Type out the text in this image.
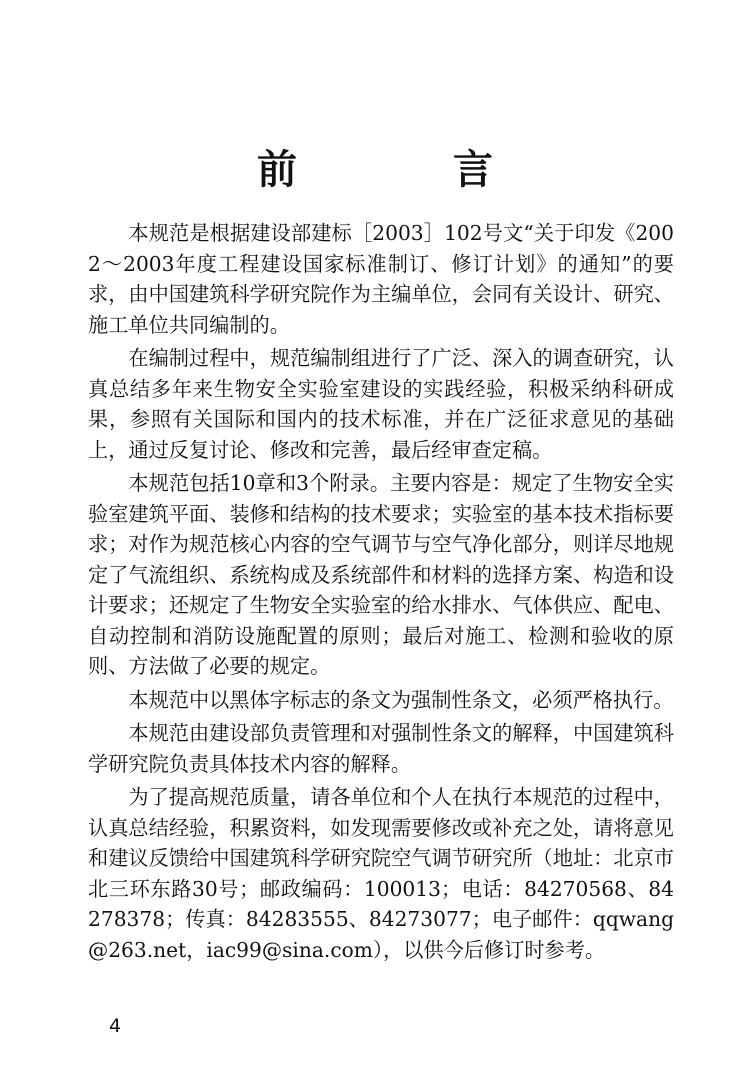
前　言

本规范是根据建设部建标［2003］102号文“关于印发《2002～2003年度工程建设国家标准制订、修订计划》的通知”的要求，由中国建筑科学研究院作为主编单位，会同有关设计、研究、施工单位共同编制的。

在编制过程中，规范编制组进行了广泛、深入的调查研究，认真总结多年来生物安全实验室建设的实践经验，积极采纳科研成果，参照有关国际和国内的技术标准，并在广泛征求意见的基础上，通过反复讨论、修改和完善，最后经审查定稿。

本规范包括10章和3个附录。主要内容是：规定了生物安全实验室建筑平面、装修和结构的技术要求；实验室的基本技术指标要求；对作为规范核心内容的空气调节与空气净化部分，则详尽地规定了气流组织、系统构成及系统部件和材料的选择方案、构造和设计要求；还规定了生物安全实验室的给水排水、气体供应、配电、自动控制和消防设施配置的原则；最后对施工、检测和验收的原则、方法做了必要的规定。

本规范中以黑体字标志的条文为强制性条文，必须严格执行。

本规范由建设部负责管理和对强制性条文的解释，中国建筑科学研究院负责具体技术内容的解释。

为了提高规范质量，请各单位和个人在执行本规范的过程中，认真总结经验，积累资料，如发现需要修改或补充之处，请将意见和建议反馈给中国建筑科学研究院空气调节研究所（地址：北京市北三环东路30号；邮政编码：100013；电话：84270568、84278378；传真：84283555、84273077；电子邮件：qqwang@263.net，iac99@sina.com），以供今后修订时参考。

4
